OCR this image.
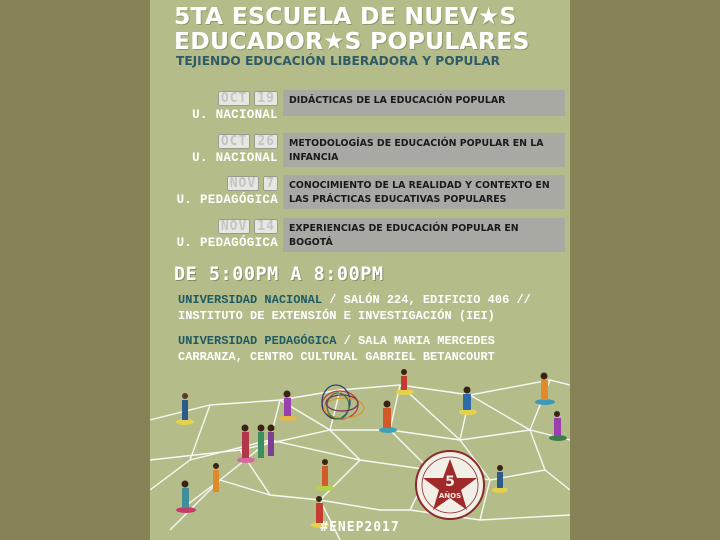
5TA ESCUELA DE NUEV★S
EDUCADOR★S POPULARES
TEJIENDO EDUCACIÓN LIBERADORA Y POPULAR
OCT 19
U. NACIONAL
DIDÁCTICAS DE LA EDUCACIÓN POPULAR
OCT 26
U. NACIONAL
METODOLOGÍAS DE EDUCACIÓN POPULAR EN LA INFANCIA
NOV 7
U. PEDAGÓGICA
CONOCIMIENTO DE LA REALIDAD Y CONTEXTO EN LAS PRÁCTICAS EDUCATIVAS POPULARES
NOV 14
U. PEDAGÓGICA
EXPERIENCIAS DE EDUCACIÓN POPULAR EN BOGOTÁ
DE 5:00PM A 8:00PM
UNIVERSIDAD NACIONAL / SALÓN 224, EDIFICIO 406 //
INSTITUTO DE EXTENSIÓN E INVESTIGACIÓN (IEI)
UNIVERSIDAD PEDAGÓGICA / SALA MARIA MERCEDES
CARRANZA, CENTRO CULTURAL GABRIEL BETANCOURT
5
AÑOS
#ENEP2017
